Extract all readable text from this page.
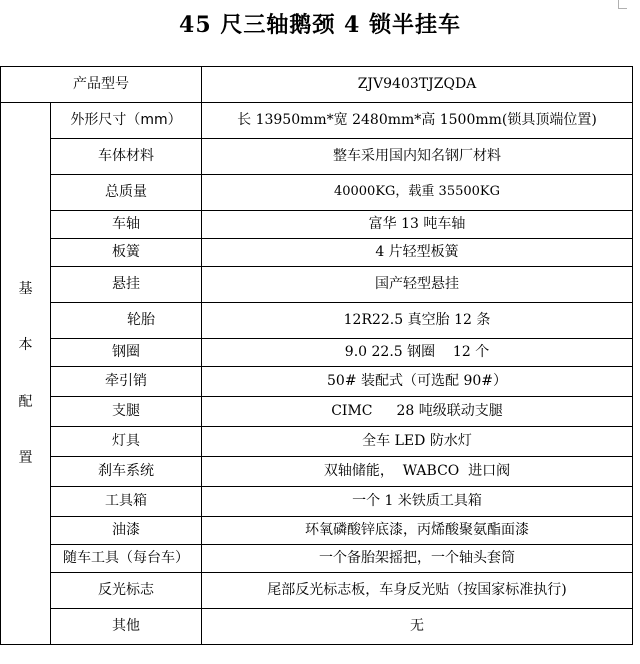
45 尺三轴鹅颈 4 锁半挂车
产品型号		ZJV9403TJZQDA

基
本
配
置	外形尺寸（mm）	长 13950mm*宽 2480mm*高 1500mm(锁具顶端位置)
	车体材料	整车采用国内知名钢厂材料
	总质量	40000KG，载重 35500KG
	车轴	富华 13 吨车轴
	板簧	4 片轻型板簧
	悬挂	国产轻型悬挂
	轮胎	12R22.5 真空胎 12 条
	钢圈	9.0 22.5 钢圈    12 个
	牵引销	50# 装配式（可选配 90#）
	支腿	CIMC 28 吨级联动支腿
	灯具	全车 LED 防水灯
	刹车系统	双轴储能，  WABCO  进口阀
	工具箱	一个 1 米铁质工具箱
	油漆	环氧磷酸锌底漆，丙烯酸聚氨酯面漆
	随车工具（每台车）	一个备胎架摇把，一个轴头套筒
	反光标志	尾部反光标志板，车身反光贴（按国家标准执行)
	其他	无
